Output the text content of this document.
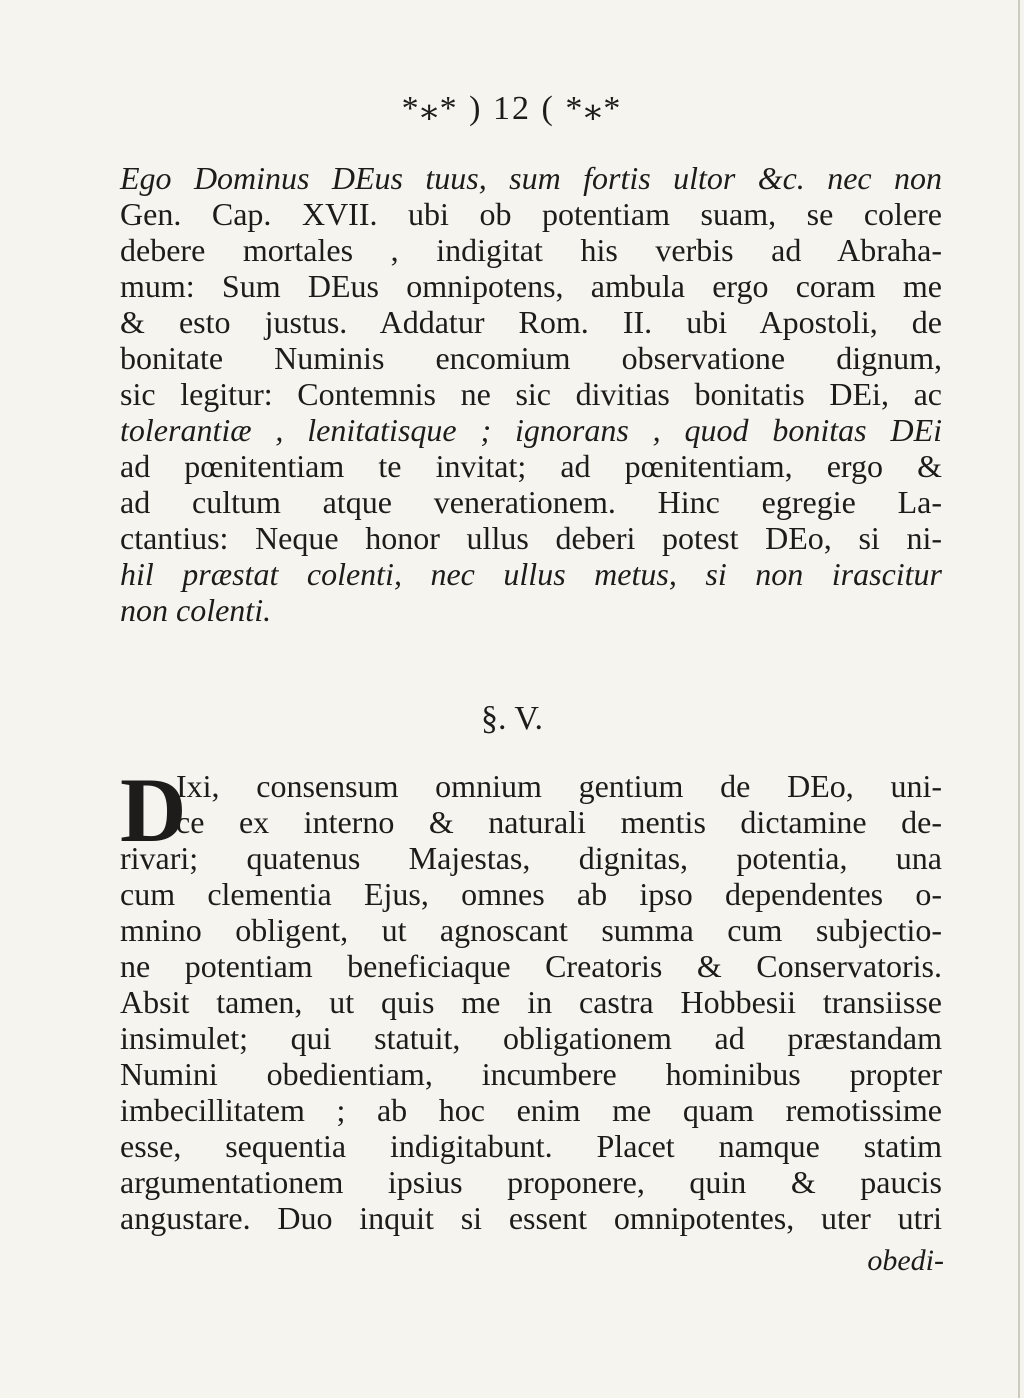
*⁎* ) 12 ( *⁎*
Ego Dominus DEus tuus, sum fortis ultor &c. nec non
Gen. Cap. XVII. ubi ob potentiam suam, se colere
debere mortales , indigitat his verbis ad Abraha-
mum: Sum DEus omnipotens, ambula ergo coram me
& esto justus. Addatur Rom. II. ubi Apostoli, de
bonitate Numinis encomium observatione dignum,
sic legitur: Contemnis ne sic divitias bonitatis DEi, ac
tolerantiæ , lenitatisque ; ignorans , quod bonitas DEi
ad pœnitentiam te invitat; ad pœnitentiam, ergo &
ad cultum atque venerationem. Hinc egregie La-
ctantius: Neque honor ullus deberi potest DEo, si ni-
hil præstat colenti, nec ullus metus, si non irascitur
non colenti.
§. V.
D
Ixi, consensum omnium gentium de DEo, uni-
ce ex interno & naturali mentis dictamine de-
rivari; quatenus Majestas, dignitas, potentia, una
cum clementia Ejus, omnes ab ipso dependentes o-
mnino obligent, ut agnoscant summa cum subjectio-
ne potentiam beneficiaque Creatoris & Conservatoris.
Absit tamen, ut quis me in castra Hobbesii transiisse
insimulet; qui statuit, obligationem ad præstandam
Numini obedientiam, incumbere hominibus propter
imbecillitatem ; ab hoc enim me quam remotissime
esse, sequentia indigitabunt. Placet namque statim
argumentationem ipsius proponere, quin & paucis
angustare. Duo inquit si essent omnipotentes, uter utri
obedi-
